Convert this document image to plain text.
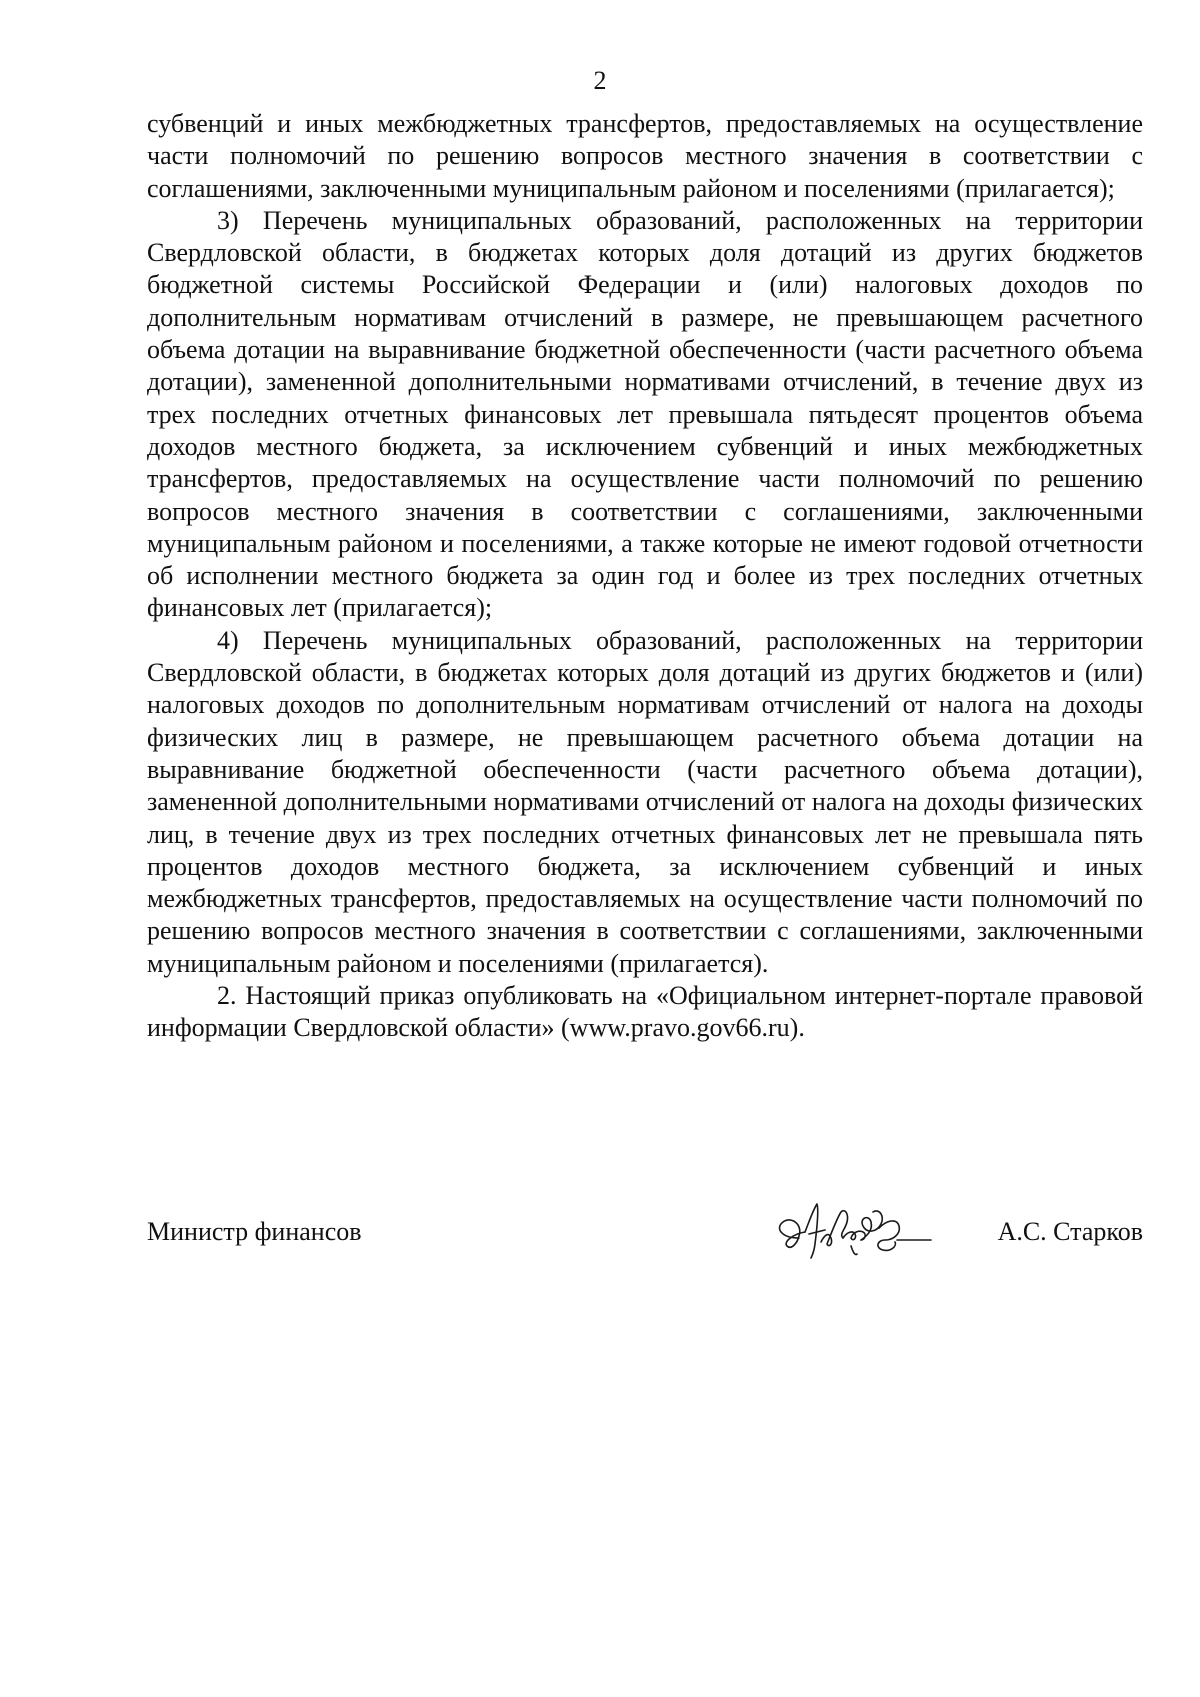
2

субвенций и иных межбюджетных трансфертов, предоставляемых на осуществление части полномочий по решению вопросов местного значения в соответствии с соглашениями, заключенными муниципальным районом и поселениями (прилагается);

3) Перечень муниципальных образований, расположенных на территории Свердловской области, в бюджетах которых доля дотаций из других бюджетов бюджетной системы Российской Федерации и (или) налоговых доходов по дополнительным нормативам отчислений в размере, не превышающем расчетного объема дотации на выравнивание бюджетной обеспеченности (части расчетного объема дотации), замененной дополнительными нормативами отчислений, в течение двух из трех последних отчетных финансовых лет превышала пятьдесят процентов объема доходов местного бюджета, за исключением субвенций и иных межбюджетных трансфертов, предоставляемых на осуществление части полномочий по решению вопросов местного значения в соответствии с соглашениями, заключенными муниципальным районом и поселениями, а также которые не имеют годовой отчетности об исполнении местного бюджета за один год и более из трех последних отчетных финансовых лет (прилагается);

4) Перечень муниципальных образований, расположенных на территории Свердловской области, в бюджетах которых доля дотаций из других бюджетов и (или) налоговых доходов по дополнительным нормативам отчислений от налога на доходы физических лиц в размере, не превышающем расчетного объема дотации на выравнивание бюджетной обеспеченности (части расчетного объема дотации), замененной дополнительными нормативами отчислений от налога на доходы физических лиц, в течение двух из трех последних отчетных финансовых лет не превышала пять процентов доходов местного бюджета, за исключением субвенций и иных межбюджетных трансфертов, предоставляемых на осуществление части полномочий по решению вопросов местного значения в соответствии с соглашениями, заключенными муниципальным районом и поселениями (прилагается).

2. Настоящий приказ опубликовать на «Официальном интернет-портале правовой информации Свердловской области» (www.pravo.gov66.ru).

Министр финансов	А.С. Старков
